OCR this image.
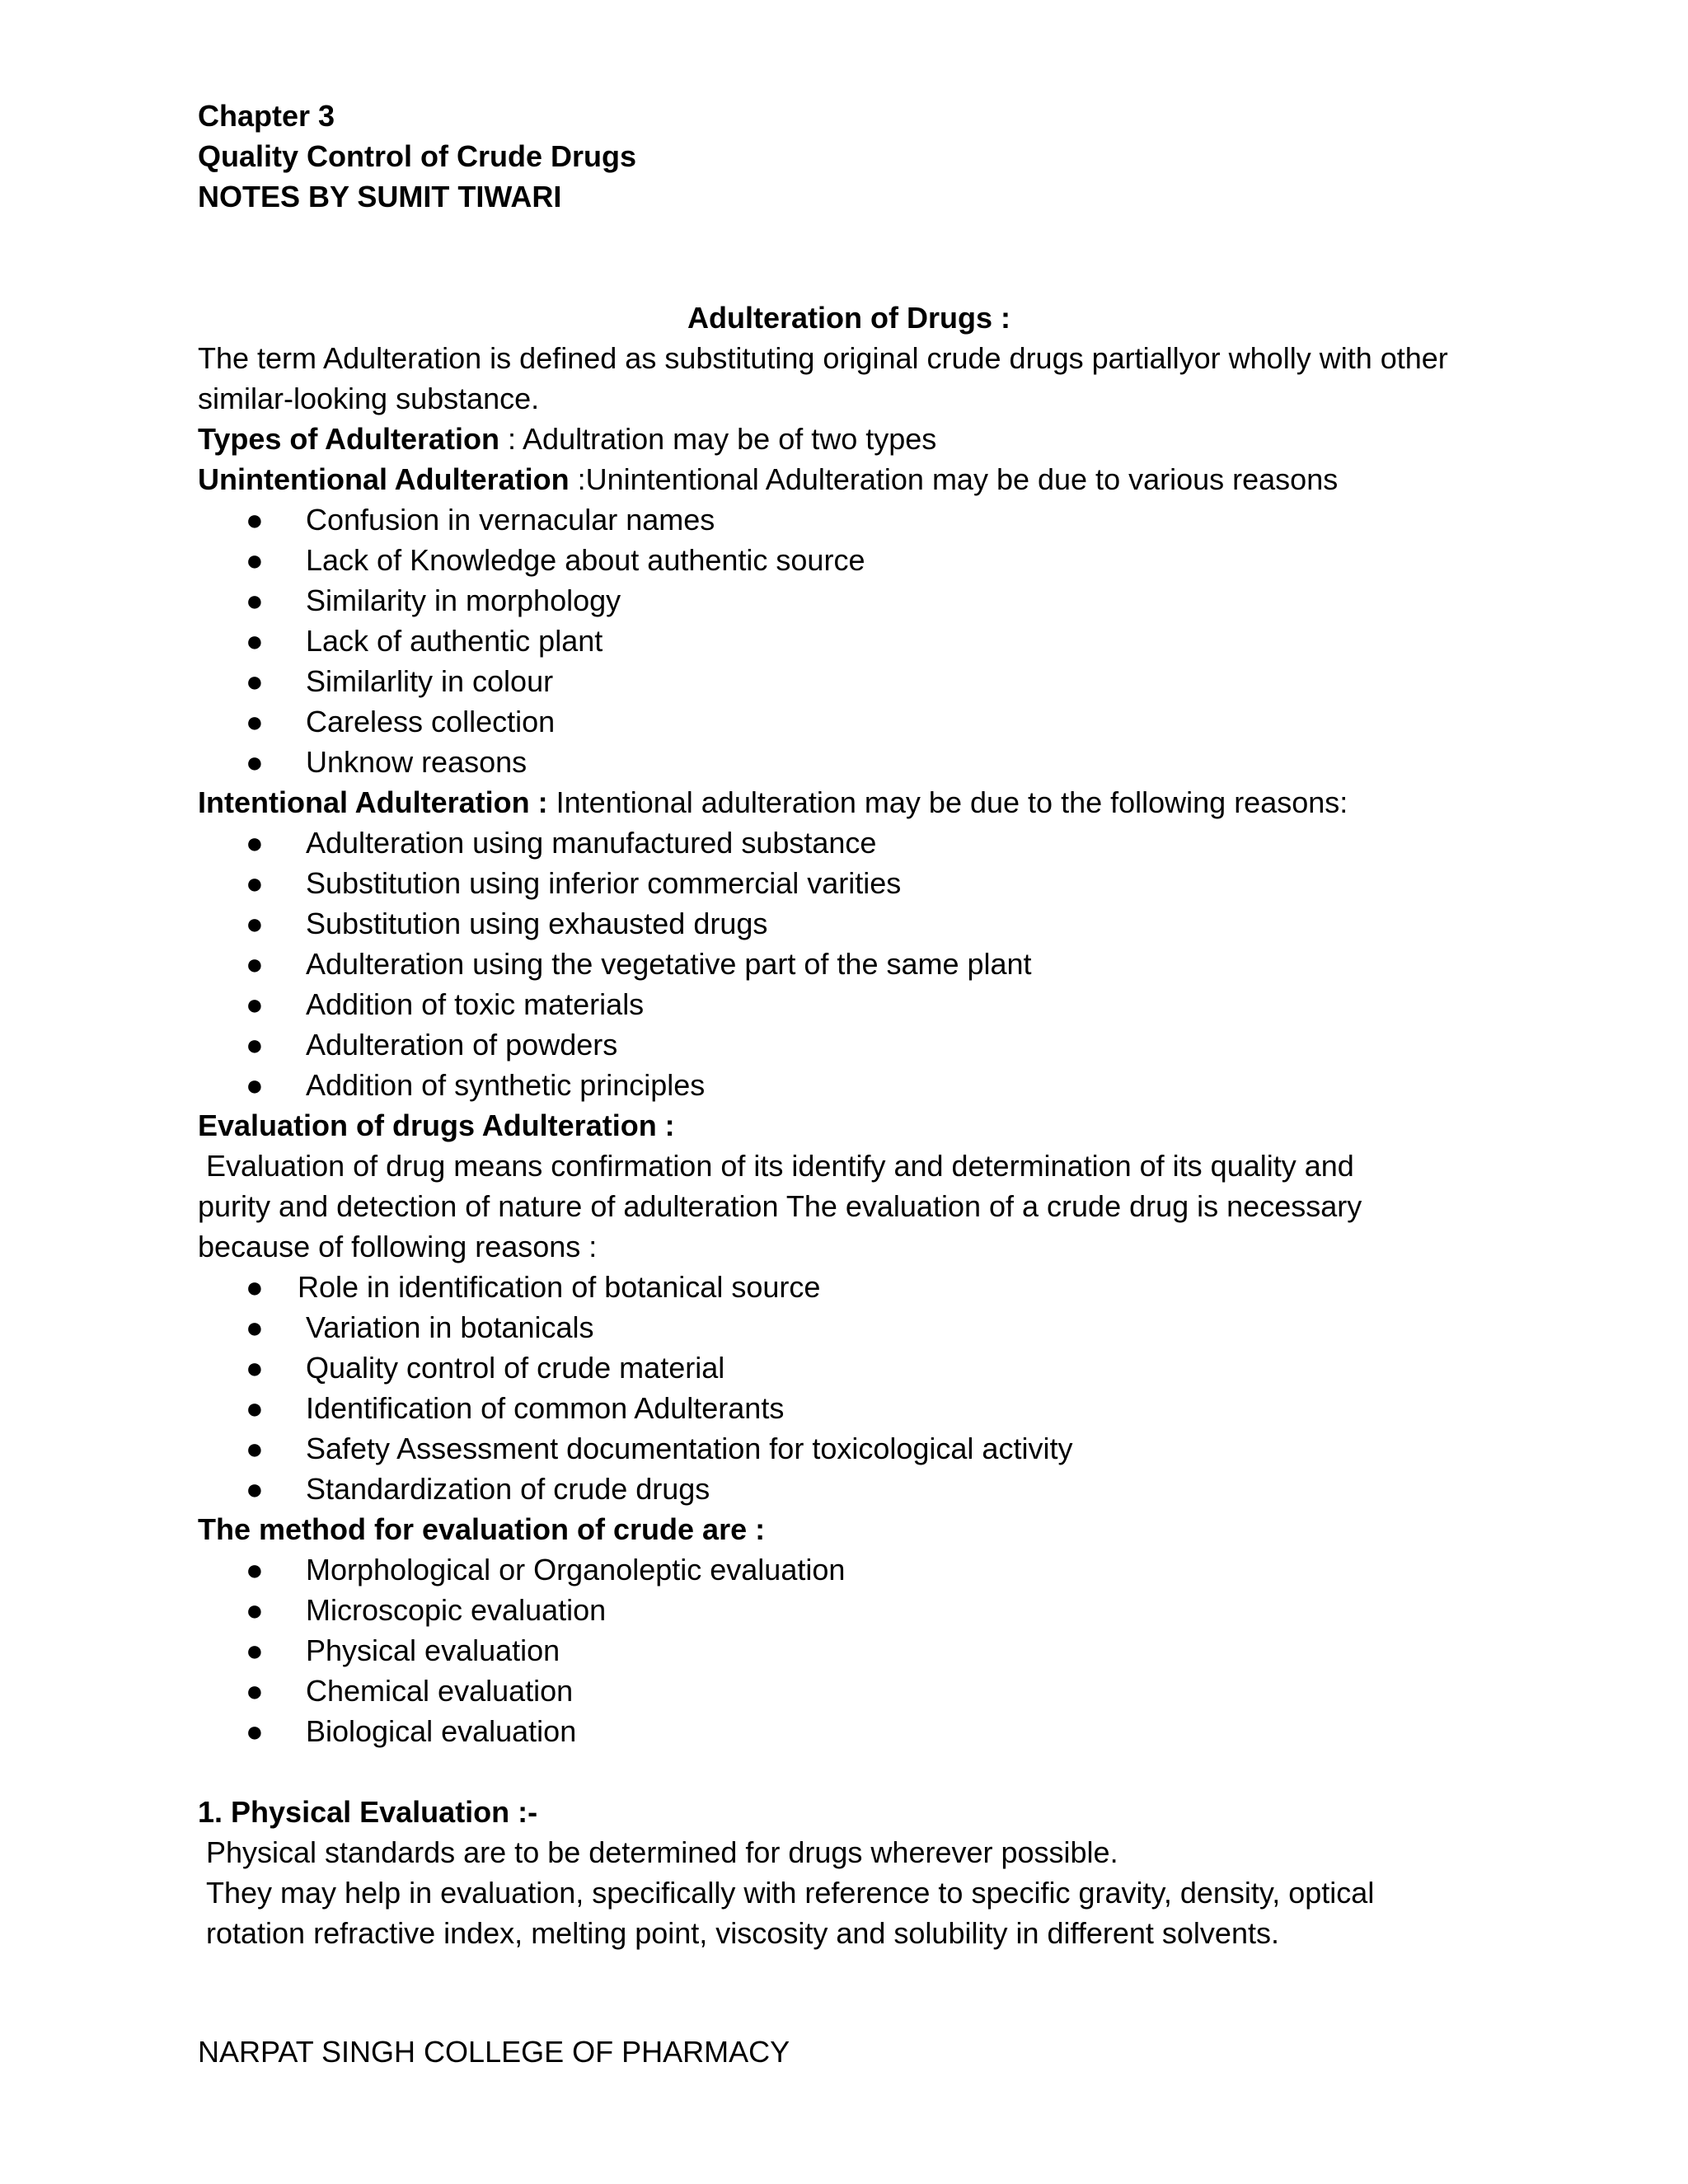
Chapter 3
Quality Control of Crude Drugs
NOTES BY SUMIT TIWARI
Adulteration of Drugs :
The term Adulteration is defined as substituting original crude drugs partiallyor wholly with other
similar-looking substance.
Types of Adulteration : Adultration may be of two types
Unintentional Adulteration :Unintentional Adulteration may be due to various reasons
● Confusion in vernacular names
● Lack of Knowledge about authentic source
● Similarity in morphology
● Lack of authentic plant
● Similarlity in colour
● Careless collection
● Unknow reasons
Intentional Adulteration : Intentional adulteration may be due to the following reasons:
● Adulteration using manufactured substance
● Substitution using inferior commercial varities
● Substitution using exhausted drugs
● Adulteration using the vegetative part of the same plant
● Addition of toxic materials
● Adulteration of powders
● Addition of synthetic principles
Evaluation of drugs Adulteration :
Evaluation of drug means confirmation of its identify and determination of its quality and
purity and detection of nature of adulteration The evaluation of a crude drug is necessary
because of following reasons :
● Role in identification of botanical source
● Variation in botanicals
● Quality control of crude material
● Identification of common Adulterants
● Safety Assessment documentation for toxicological activity
● Standardization of crude drugs
The method for evaluation of crude are :
● Morphological or Organoleptic evaluation
● Microscopic evaluation
● Physical evaluation
● Chemical evaluation
● Biological evaluation
1. Physical Evaluation :-
Physical standards are to be determined for drugs wherever possible.
They may help in evaluation, specifically with reference to specific gravity, density, optical
rotation refractive index, melting point, viscosity and solubility in different solvents.
NARPAT SINGH COLLEGE OF PHARMACY
